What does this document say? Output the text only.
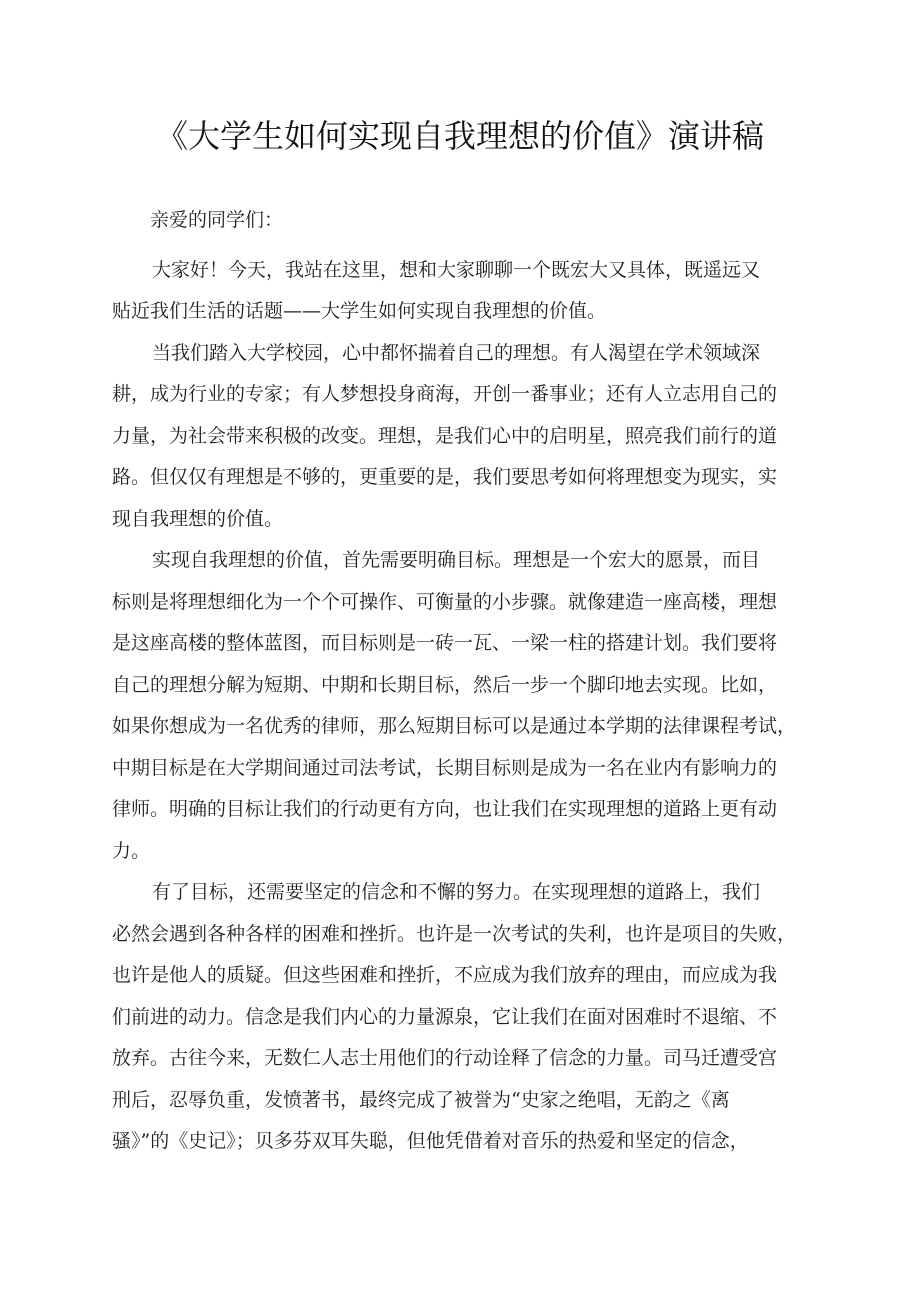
《大学生如何实现自我理想的价值》演讲稿
亲爱的同学们：
大家好！今天，我站在这里，想和大家聊聊一个既宏大又具体，既遥远又
贴近我们生活的话题——大学生如何实现自我理想的价值。
当我们踏入大学校园，心中都怀揣着自己的理想。有人渴望在学术领域深
耕，成为行业的专家；有人梦想投身商海，开创一番事业；还有人立志用自己的
力量，为社会带来积极的改变。理想，是我们心中的启明星，照亮我们前行的道
路。但仅仅有理想是不够的，更重要的是，我们要思考如何将理想变为现实，实
现自我理想的价值。
实现自我理想的价值，首先需要明确目标。理想是一个宏大的愿景，而目
标则是将理想细化为一个个可操作、可衡量的小步骤。就像建造一座高楼，理想
是这座高楼的整体蓝图，而目标则是一砖一瓦、一梁一柱的搭建计划。我们要将
自己的理想分解为短期、中期和长期目标，然后一步一个脚印地去实现。比如，
如果你想成为一名优秀的律师，那么短期目标可以是通过本学期的法律课程考试，
中期目标是在大学期间通过司法考试，长期目标则是成为一名在业内有影响力的
律师。明确的目标让我们的行动更有方向，也让我们在实现理想的道路上更有动
力。
有了目标，还需要坚定的信念和不懈的努力。在实现理想的道路上，我们
必然会遇到各种各样的困难和挫折。也许是一次考试的失利，也许是项目的失败，
也许是他人的质疑。但这些困难和挫折，不应成为我们放弃的理由，而应成为我
们前进的动力。信念是我们内心的力量源泉，它让我们在面对困难时不退缩、不
放弃。古往今来，无数仁人志士用他们的行动诠释了信念的力量。司马迁遭受宫
刑后，忍辱负重，发愤著书，最终完成了被誉为“史家之绝唱，无韵之《离
骚》”的《史记》；贝多芬双耳失聪，但他凭借着对音乐的热爱和坚定的信念，
